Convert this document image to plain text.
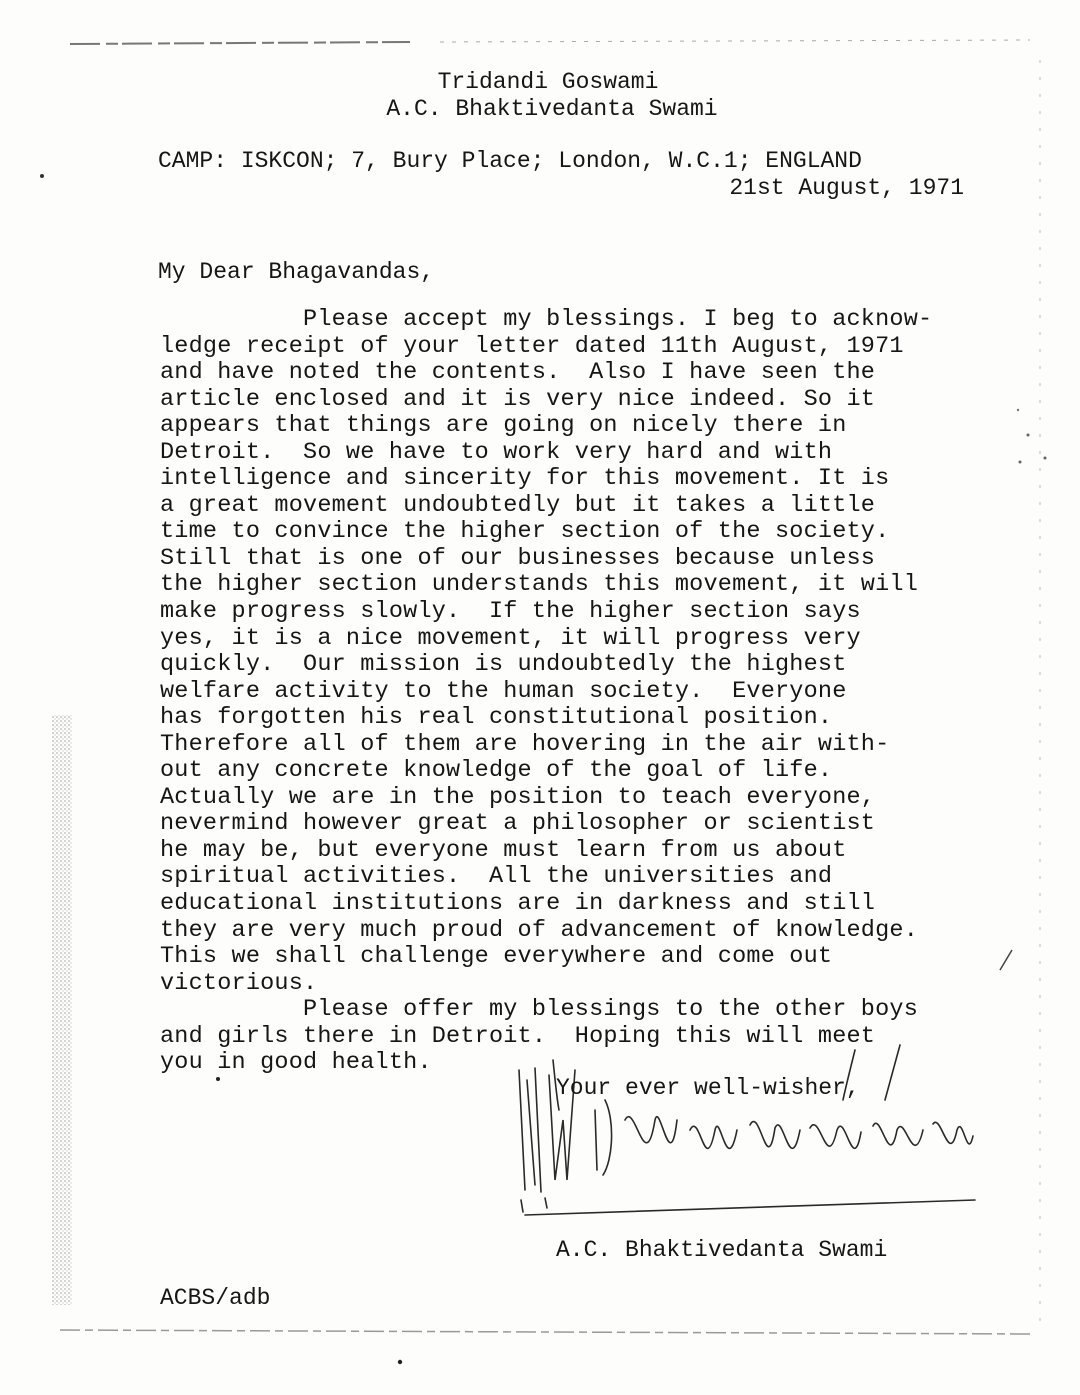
Tridandi Goswami
A.C. Bhaktivedanta Swami
CAMP: ISKCON; 7, Bury Place; London, W.C.1; ENGLAND
21st August, 1971
My Dear Bhagavandas,
Please accept my blessings. I beg to acknow-
ledge receipt of your letter dated 11th August, 1971
and have noted the contents.  Also I have seen the
article enclosed and it is very nice indeed. So it
appears that things are going on nicely there in
Detroit.  So we have to work very hard and with
intelligence and sincerity for this movement. It is
a great movement undoubtedly but it takes a little
time to convince the higher section of the society.
Still that is one of our businesses because unless
the higher section understands this movement, it will
make progress slowly.  If the higher section says
yes, it is a nice movement, it will progress very
quickly.  Our mission is undoubtedly the highest
welfare activity to the human society.  Everyone
has forgotten his real constitutional position.
Therefore all of them are hovering in the air with-
out any concrete knowledge of the goal of life.
Actually we are in the position to teach everyone,
nevermind however great a philosopher or scientist
he may be, but everyone must learn from us about
spiritual activities.  All the universities and
educational institutions are in darkness and still
they are very much proud of advancement of knowledge.
This we shall challenge everywhere and come out
victorious.
Please offer my blessings to the other boys
and girls there in Detroit.  Hoping this will meet
you in good health.
Your ever well-wisher,
A.C. Bhaktivedanta Swami
ACBS/adb
